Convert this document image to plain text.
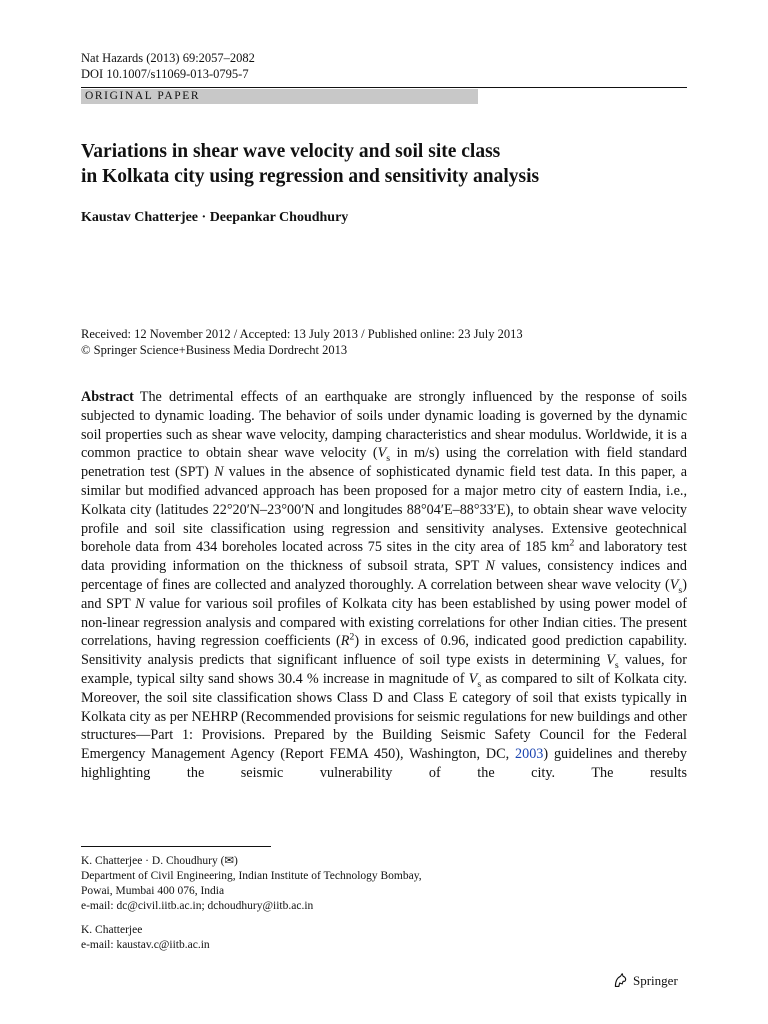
Nat Hazards (2013) 69:2057–2082
DOI 10.1007/s11069-013-0795-7
ORIGINAL PAPER
Variations in shear wave velocity and soil site class
in Kolkata city using regression and sensitivity analysis
Kaustav Chatterjee · Deepankar Choudhury
Received: 12 November 2012 / Accepted: 13 July 2013 / Published online: 23 July 2013
© Springer Science+Business Media Dordrecht 2013
Abstract The detrimental effects of an earthquake are strongly influenced by the response of soils subjected to dynamic loading. The behavior of soils under dynamic loading is governed by the dynamic soil properties such as shear wave velocity, damping characteristics and shear modulus. Worldwide, it is a common practice to obtain shear wave velocity ($V_s$ in m/s) using the correlation with field standard penetration test (SPT) N values in the absence of sophisticated dynamic field test data. In this paper, a similar but modified advanced approach has been proposed for a major metro city of eastern India, i.e., Kolkata city (latitudes 22°20′N–23°00′N and longitudes 88°04′E–88°33′E), to obtain shear wave velocity profile and soil site classification using regression and sensitivity analyses. Extensive geotechnical borehole data from 434 boreholes located across 75 sites in the city area of 185 $km^2$ and laboratory test data providing information on the thickness of subsoil strata, SPT N values, consistency indices and percentage of fines are collected and analyzed thoroughly. A correlation between shear wave velocity $(V_s)$ and SPT N value for various soil profiles of Kolkata city has been established by using power model of non-linear regression analysis and compared with existing correlations for other Indian cities. The present correlations, having regression coefficients $(R^2)$ in excess of 0.96, indicated good prediction capability. Sensitivity analysis predicts that significant influence of soil type exists in determining $V_s$ values, for example, typical silty sand shows 30.4 % increase in magnitude of $V_s$ as compared to silt of Kolkata city. Moreover, the soil site classification shows Class D and Class E category of soil that exists typically in Kolkata city as per NEHRP (Recommended provisions for seismic regulations for new buildings and other structures—Part 1: Provisions. Prepared by the Building Seismic Safety Council for the Federal Emergency Management Agency (Report FEMA 450), Washington, DC, 2003) guidelines and thereby highlighting the seismic vulnerability of the city. The results
K. Chatterjee · D. Choudhury (✉)
Department of Civil Engineering, Indian Institute of Technology Bombay,
Powai, Mumbai 400 076, India
e-mail: dc@civil.iitb.ac.in; dchoudhury@iitb.ac.in
K. Chatterjee
e-mail: kaustav.c@iitb.ac.in
Springer
